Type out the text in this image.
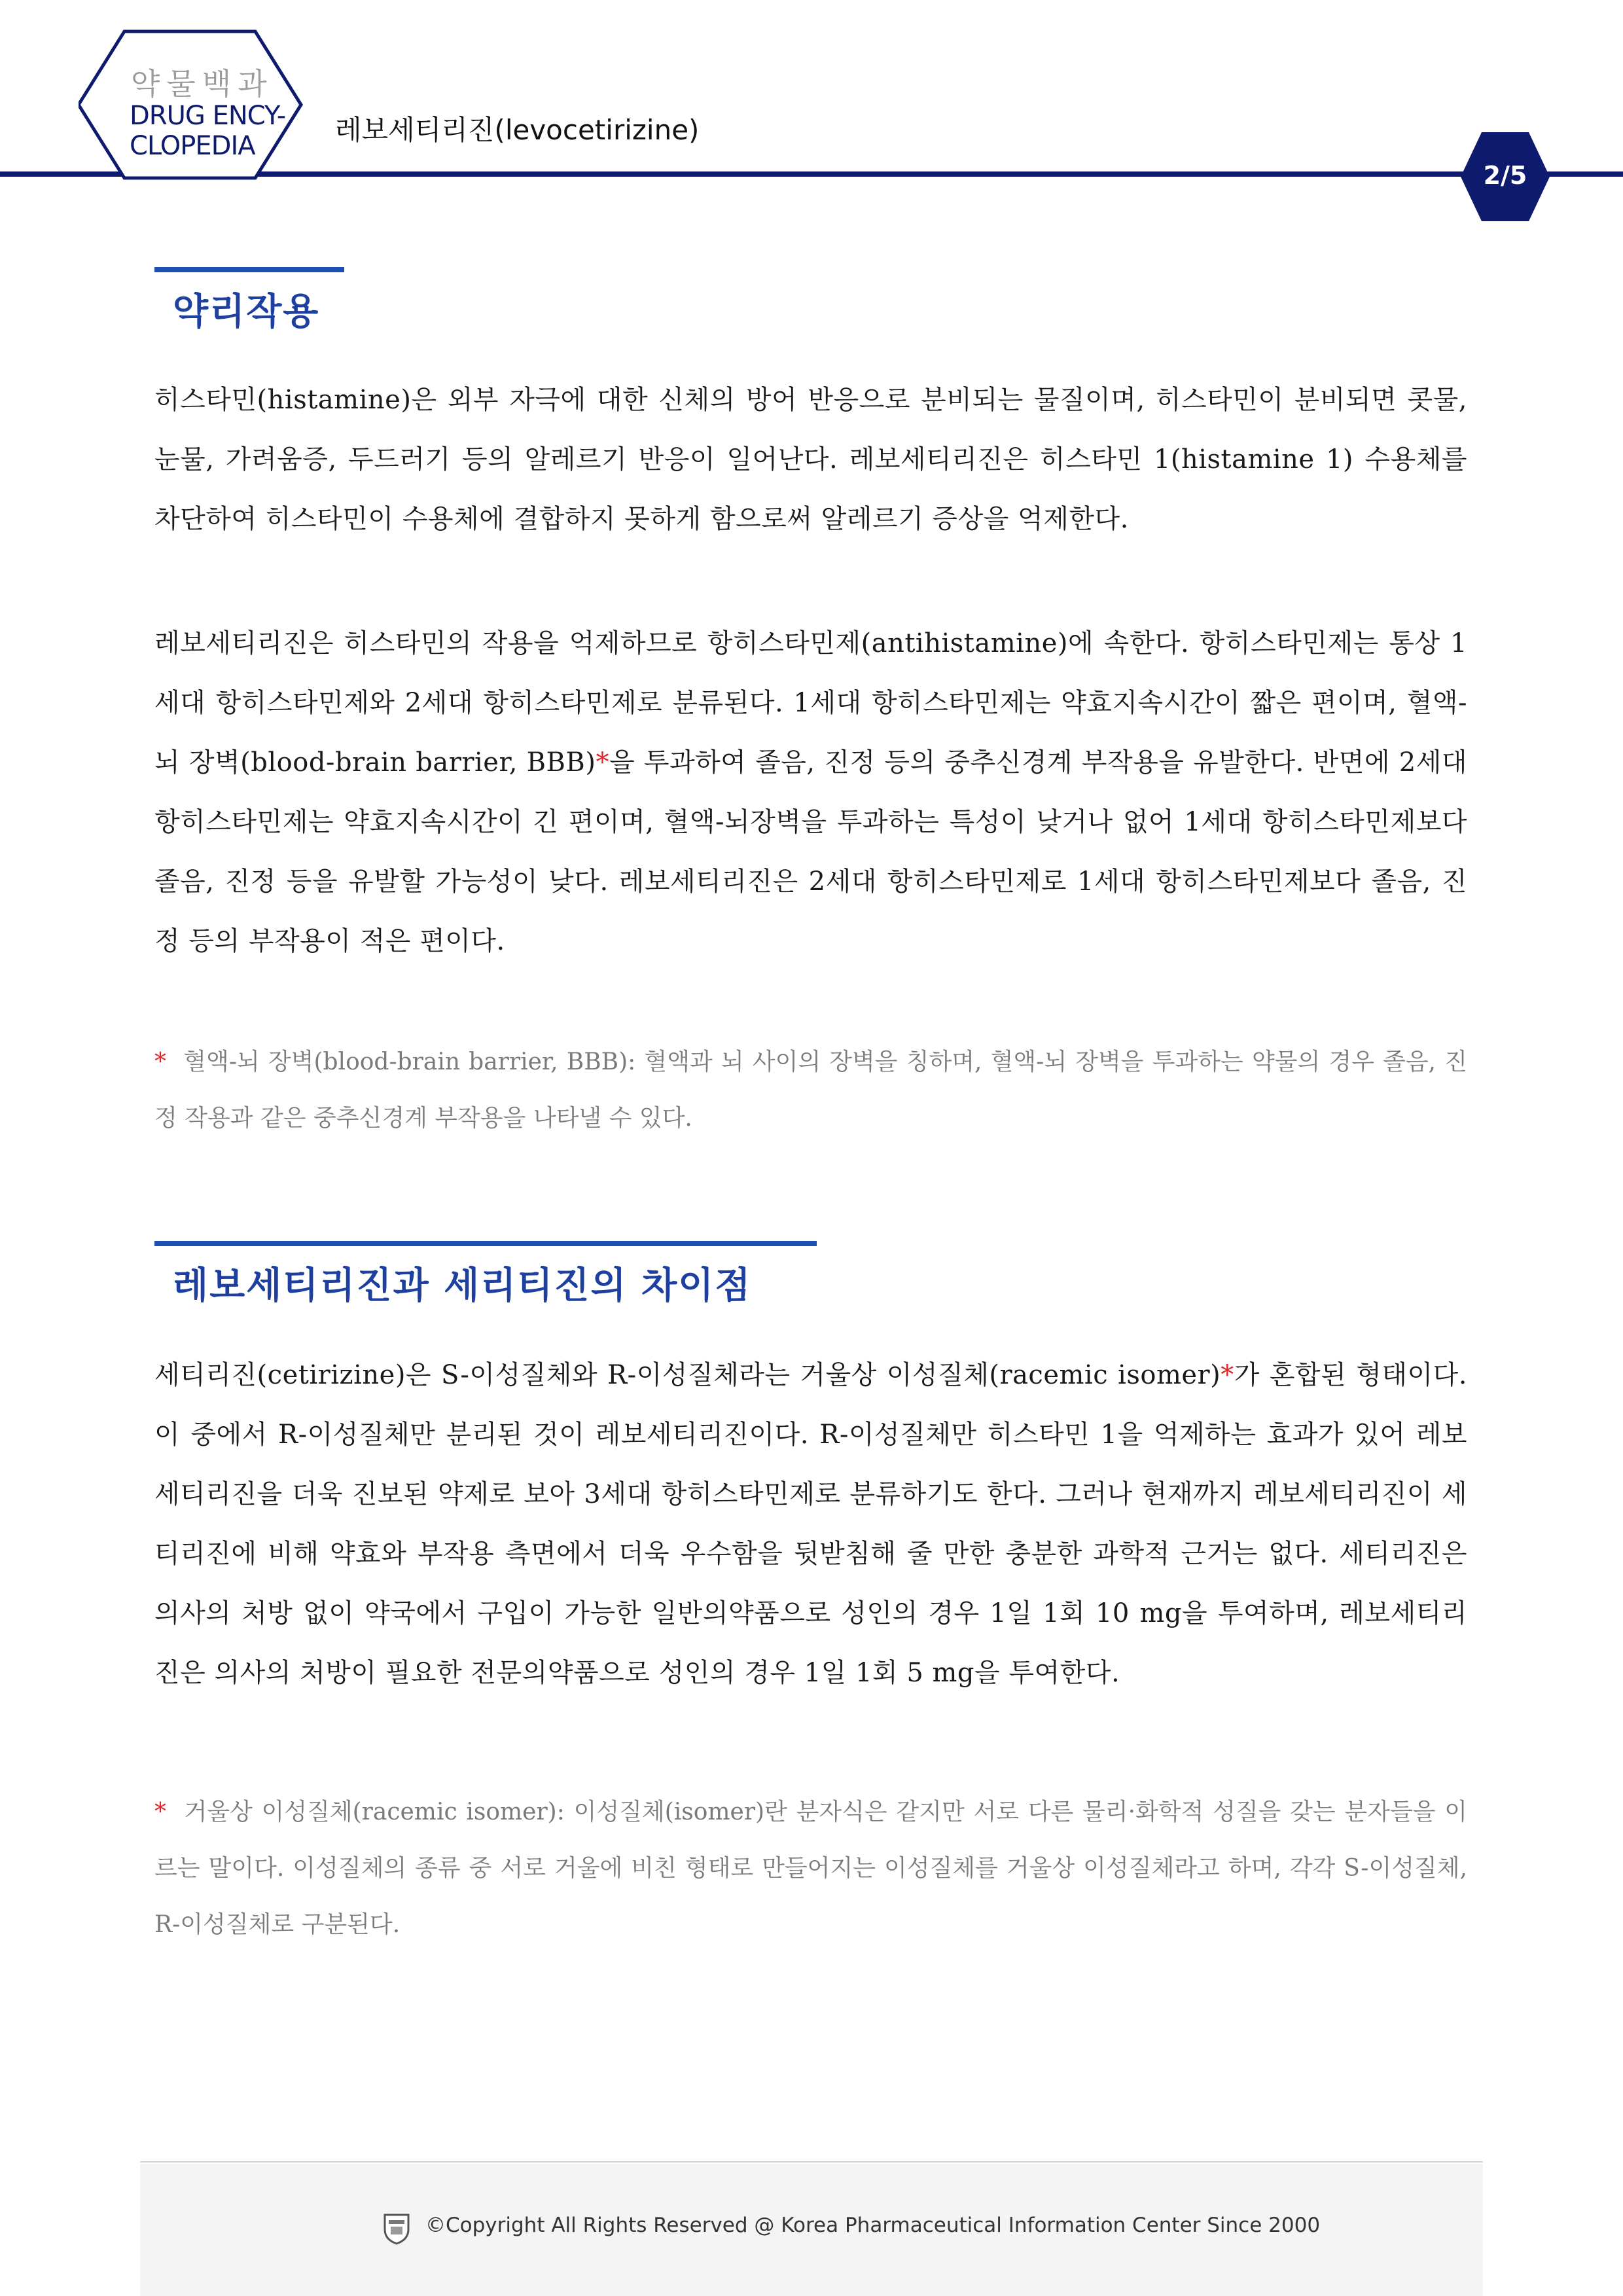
약물백과
DRUG ENCY-
CLOPEDIA	레보세티리진(levocetirizine)
2/5
약리작용
히스타민(histamine)은 외부 자극에 대한 신체의 방어 반응으로 분비되는 물질이며, 히스타민이 분비되면 콧물, 눈물, 가려움증, 두드러기 등의 알레르기 반응이 일어난다. 레보세티리진은 히스타민 1(histamine 1) 수용체를 차단하여 히스타민이 수용체에 결합하지 못하게 함으로써 알레르기 증상을 억제한다.
레보세티리진은 히스타민의 작용을 억제하므로 항히스타민제(antihistamine)에 속한다. 항히스타민제는 통상 1세대 항히스타민제와 2세대 항히스타민제로 분류된다. 1세대 항히스타민제는 약효지속시간이 짧은 편이며, 혈액-뇌 장벽(blood-brain barrier, BBB)*을 투과하여 졸음, 진정 등의 중추신경계 부작용을 유발한다. 반면에 2세대 항히스타민제는 약효지속시간이 긴 편이며, 혈액-뇌장벽을 투과하는 특성이 낮거나 없어 1세대 항히스타민제보다 졸음, 진정 등을 유발할 가능성이 낮다. 레보세티리진은 2세대 항히스타민제로 1세대 항히스타민제보다 졸음, 진정 등의 부작용이 적은 편이다.
* 혈액-뇌 장벽(blood-brain barrier, BBB): 혈액과 뇌 사이의 장벽을 칭하며, 혈액-뇌 장벽을 투과하는 약물의 경우 졸음, 진정 작용과 같은 중추신경계 부작용을 나타낼 수 있다.
레보세티리진과 세리티진의 차이점
세티리진(cetirizine)은 S-이성질체와 R-이성질체라는 거울상 이성질체(racemic isomer)*가 혼합된 형태이다. 이 중에서 R-이성질체만 분리된 것이 레보세티리진이다. R-이성질체만 히스타민 1을 억제하는 효과가 있어 레보세티리진을 더욱 진보된 약제로 보아 3세대 항히스타민제로 분류하기도 한다. 그러나 현재까지 레보세티리진이 세티리진에 비해 약효와 부작용 측면에서 더욱 우수함을 뒷받침해 줄 만한 충분한 과학적 근거는 없다. 세티리진은 의사의 처방 없이 약국에서 구입이 가능한 일반의약품으로 성인의 경우 1일 1회 10 mg을 투여하며, 레보세티리진은 의사의 처방이 필요한 전문의약품으로 성인의 경우 1일 1회 5 mg을 투여한다.
* 거울상 이성질체(racemic isomer): 이성질체(isomer)란 분자식은 같지만 서로 다른 물리·화학적 성질을 갖는 분자들을 이르는 말이다. 이성질체의 종류 중 서로 거울에 비친 형태로 만들어지는 이성질체를 거울상 이성질체라고 하며, 각각 S-이성질체, R-이성질체로 구분된다.
©Copyright All Rights Reserved @ Korea Pharmaceutical Information Center Since 2000
